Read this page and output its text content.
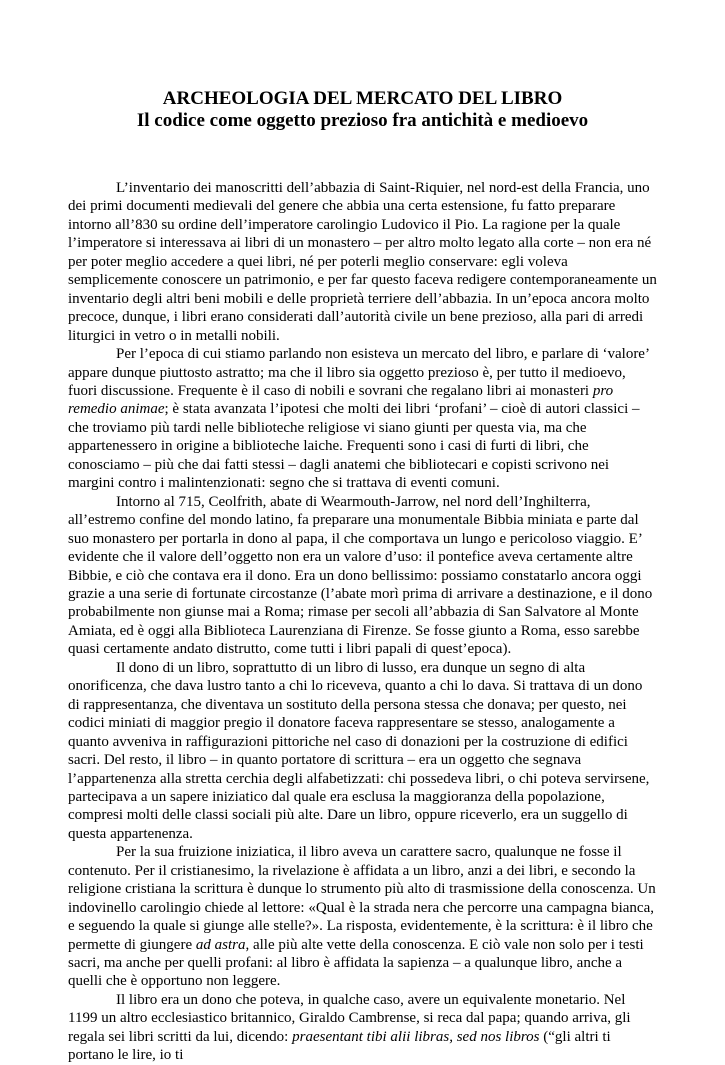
ARCHEOLOGIA DEL MERCATO DEL LIBRO
Il codice come oggetto prezioso fra antichità e medioevo

L’inventario dei manoscritti dell’abbazia di Saint-Riquier, nel nord-est della Francia, uno dei primi documenti medievali del genere che abbia una certa estensione, fu fatto preparare intorno all’830 su ordine dell’imperatore carolingio Ludovico il Pio. La ragione per la quale l’imperatore si interessava ai libri di un monastero – per altro molto legato alla corte – non era né per poter meglio accedere a quei libri, né per poterli meglio conservare: egli voleva semplicemente conoscere un patrimonio, e per far questo faceva redigere contemporaneamente un inventario degli altri beni mobili e delle proprietà terriere dell’abbazia. In un’epoca ancora molto precoce, dunque, i libri erano considerati dall’autorità civile un bene prezioso, alla pari di arredi liturgici in vetro o in metalli nobili.

Per l’epoca di cui stiamo parlando non esisteva un mercato del libro, e parlare di ‘valore’ appare dunque piuttosto astratto; ma che il libro sia oggetto prezioso è, per tutto il medioevo, fuori discussione. Frequente è il caso di nobili e sovrani che regalano libri ai monasteri pro remedio animae; è stata avanzata l’ipotesi che molti dei libri ‘profani’ – cioè di autori classici – che troviamo più tardi nelle biblioteche religiose vi siano giunti per questa via, ma che appartenessero in origine a biblioteche laiche. Frequenti sono i casi di furti di libri, che conosciamo – più che dai fatti stessi – dagli anatemi che bibliotecari e copisti scrivono nei margini contro i malintenzionati: segno che si trattava di eventi comuni.

Intorno al 715, Ceolfrith, abate di Wearmouth-Jarrow, nel nord dell’Inghilterra, all’estremo confine del mondo latino, fa preparare una monumentale Bibbia miniata e parte dal suo monastero per portarla in dono al papa, il che comportava un lungo e pericoloso viaggio. E’ evidente che il valore dell’oggetto non era un valore d’uso: il pontefice aveva certamente altre Bibbie, e ciò che contava era il dono. Era un dono bellissimo: possiamo constatarlo ancora oggi grazie a una serie di fortunate circostanze (l’abate morì prima di arrivare a destinazione, e il dono probabilmente non giunse mai a Roma; rimase per secoli all’abbazia di San Salvatore al Monte Amiata, ed è oggi alla Biblioteca Laurenziana di Firenze. Se fosse giunto a Roma, esso sarebbe quasi certamente andato distrutto, come tutti i libri papali di quest’epoca).

Il dono di un libro, soprattutto di un libro di lusso, era dunque un segno di alta onorificenza, che dava lustro tanto a chi lo riceveva, quanto a chi lo dava. Si trattava di un dono di rappresentanza, che diventava un sostituto della persona stessa che donava; per questo, nei codici miniati di maggior pregio il donatore faceva rappresentare se stesso, analogamente a quanto avveniva in raffigurazioni pittoriche nel caso di donazioni per la costruzione di edifici sacri. Del resto, il libro – in quanto portatore di scrittura – era un oggetto che segnava l’appartenenza alla stretta cerchia degli alfabetizzati: chi possedeva libri, o chi poteva servirsene, partecipava a un sapere iniziatico dal quale era esclusa la maggioranza della popolazione, compresi molti delle classi sociali più alte. Dare un libro, oppure riceverlo, era un suggello di questa appartenenza.

Per la sua fruizione iniziatica, il libro aveva un carattere sacro, qualunque ne fosse il contenuto. Per il cristianesimo, la rivelazione è affidata a un libro, anzi a dei libri, e secondo la religione cristiana la scrittura è dunque lo strumento più alto di trasmissione della conoscenza. Un indovinello carolingio chiede al lettore: «Qual è la strada nera che percorre una campagna bianca, e seguendo la quale si giunge alle stelle?». La risposta, evidentemente, è la scrittura: è il libro che permette di giungere ad astra, alle più alte vette della conoscenza. E ciò vale non solo per i testi sacri, ma anche per quelli profani: al libro è affidata la sapienza – a qualunque libro, anche a quelli che è opportuno non leggere.

Il libro era un dono che poteva, in qualche caso, avere un equivalente monetario. Nel 1199 un altro ecclesiastico britannico, Giraldo Cambrense, si reca dal papa; quando arriva, gli regala sei libri scritti da lui, dicendo: praesentant tibi alii libras, sed nos libros (“gli altri ti portano le lire, io ti
